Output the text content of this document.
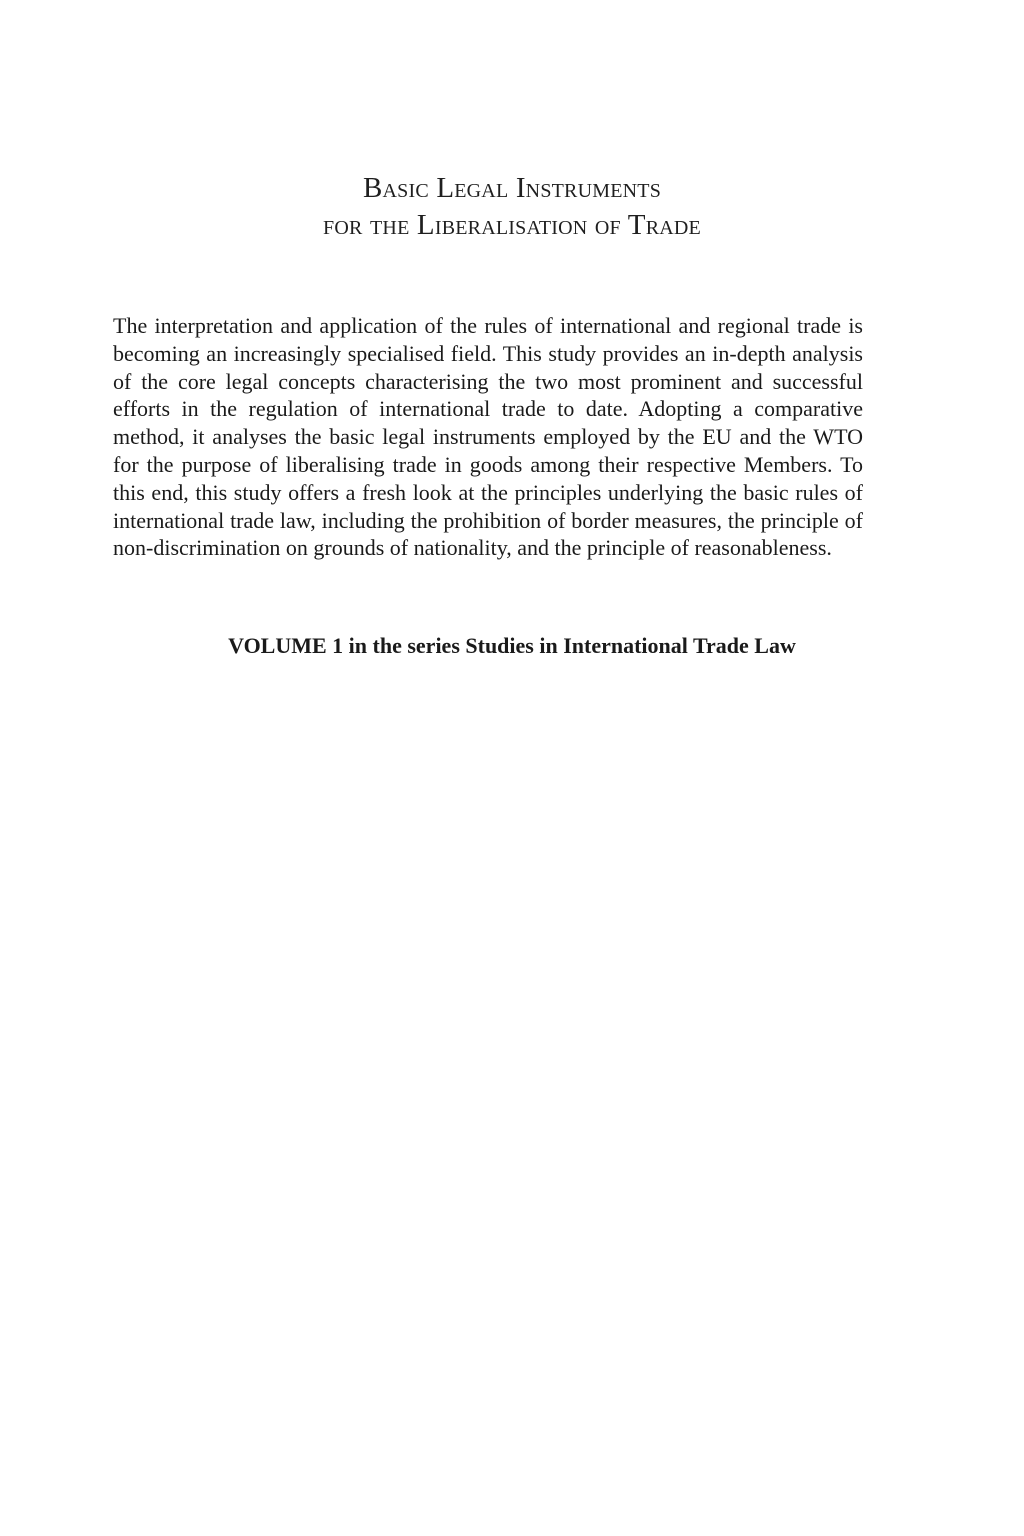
Basic Legal Instruments
for the Liberalisation of Trade

The interpretation and application of the rules of international and regional trade is becoming an increasingly specialised field. This study provides an in-depth analysis of the core legal concepts characterising the two most prominent and successful efforts in the regulation of international trade to date. Adopting a comparative method, it analyses the basic legal instruments employed by the EU and the WTO for the purpose of liberalising trade in goods among their respective Members. To this end, this study offers a fresh look at the principles underlying the basic rules of international trade law, including the prohibition of border measures, the principle of non-discrimination on grounds of nationality, and the principle of reasonableness.

VOLUME 1 in the series Studies in International Trade Law
